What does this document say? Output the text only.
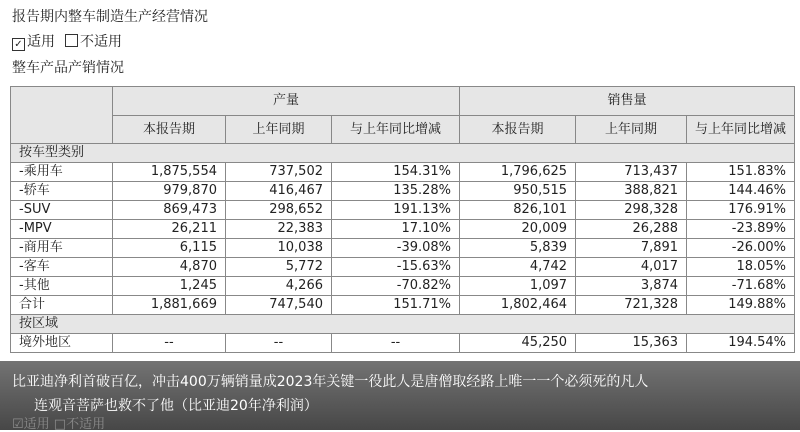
报告期内整车制造生产经营情况
✓ 适用 不适用
整车产品产销情况
	产量			销售量		
	本报告期	上年同期	与上年同比增减	本报告期	上年同期	与上年同比增减
按车型类别						
-乘用车	1,875,554	737,502	154.31%	1,796,625	713,437	151.83%
-轿车	979,870	416,467	135.28%	950,515	388,821	144.46%
-SUV	869,473	298,652	191.13%	826,101	298,328	176.91%
-MPV	26,211	22,383	17.10%	20,009	26,288	-23.89%
-商用车	6,115	10,038	-39.08%	5,839	7,891	-26.00%
-客车	4,870	5,772	-15.63%	4,742	4,017	18.05%
-其他	1,245	4,266	-70.82%	1,097	3,874	-71.68%
合计	1,881,669	747,540	151.71%	1,802,464	721,328	149.88%
按区域						
境外地区	--	--	--	45,250	15,363	194.54%
☑适用 □不适用
比亚迪净利首破百亿，冲击400万辆销量成2023年关键一役此人是唐僧取经路上唯一一个必须死的凡人
连观音菩萨也救不了他（比亚迪20年净利润）
